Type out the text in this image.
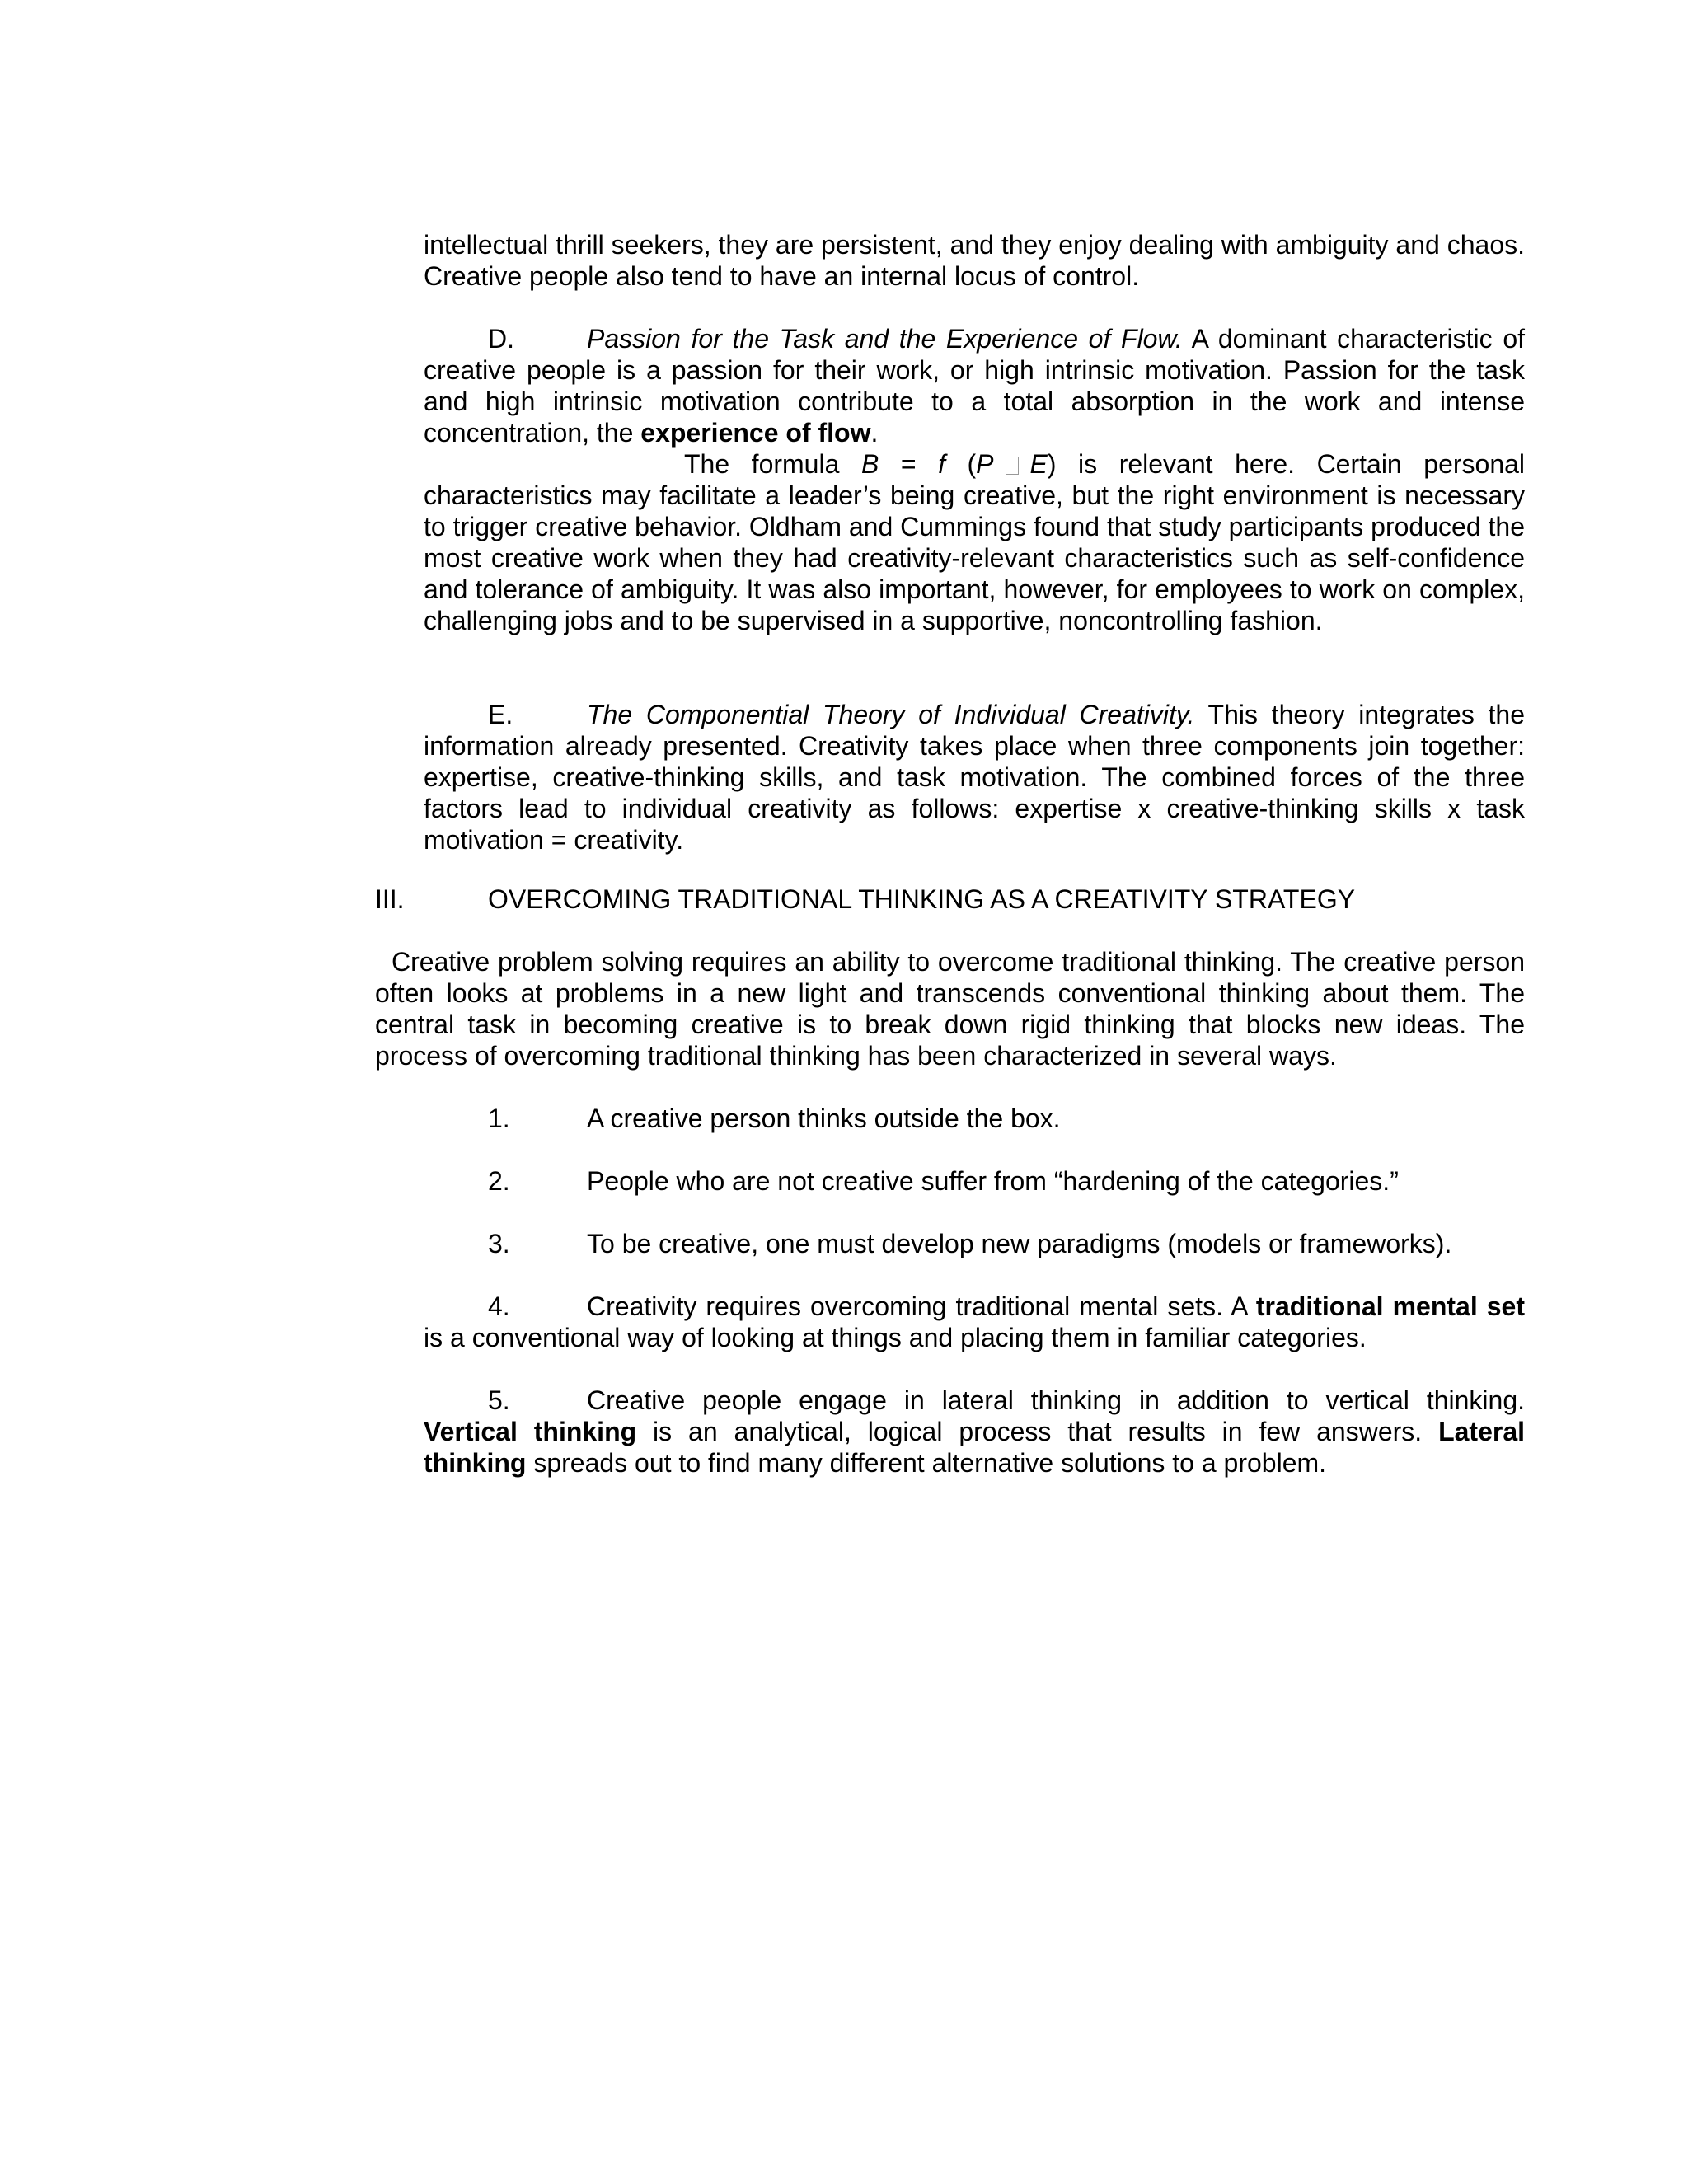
intellectual thrill seekers, they are persistent, and they enjoy dealing with ambiguity and chaos. Creative people also tend to have an internal locus of control.
D.	Passion for the Task and the Experience of Flow. A dominant characteristic of creative people is a passion for their work, or high intrinsic motivation. Passion for the task and high intrinsic motivation contribute to a total absorption in the work and intense concentration, the experience of flow.
The formula B = f (P E) is relevant here. Certain personal characteristics may facilitate a leader’s being creative, but the right environment is necessary to trigger creative behavior. Oldham and Cummings found that study participants produced the most creative work when they had creativity-relevant characteristics such as self-confidence and tolerance of ambiguity. It was also important, however, for employees to work on complex, challenging jobs and to be supervised in a supportive, noncontrolling fashion.
E.	The Componential Theory of Individual Creativity. This theory integrates the information already presented. Creativity takes place when three components join together: expertise, creative-thinking skills, and task motivation. The combined forces of the three factors lead to individual creativity as follows: expertise x creative-thinking skills x task motivation = creativity.
III.	OVERCOMING TRADITIONAL THINKING AS A CREATIVITY STRATEGY
Creative problem solving requires an ability to overcome traditional thinking. The creative person often looks at problems in a new light and transcends conventional thinking about them. The central task in becoming creative is to break down rigid thinking that blocks new ideas. The process of overcoming traditional thinking has been characterized in several ways.
1.	A creative person thinks outside the box.
2.	People who are not creative suffer from “hardening of the categories.”
3.	To be creative, one must develop new paradigms (models or frameworks).
4.	Creativity requires overcoming traditional mental sets. A traditional mental set is a conventional way of looking at things and placing them in familiar categories.
5.	Creative people engage in lateral thinking in addition to vertical thinking. Vertical thinking is an analytical, logical process that results in few answers. Lateral thinking spreads out to find many different alternative solutions to a problem.
